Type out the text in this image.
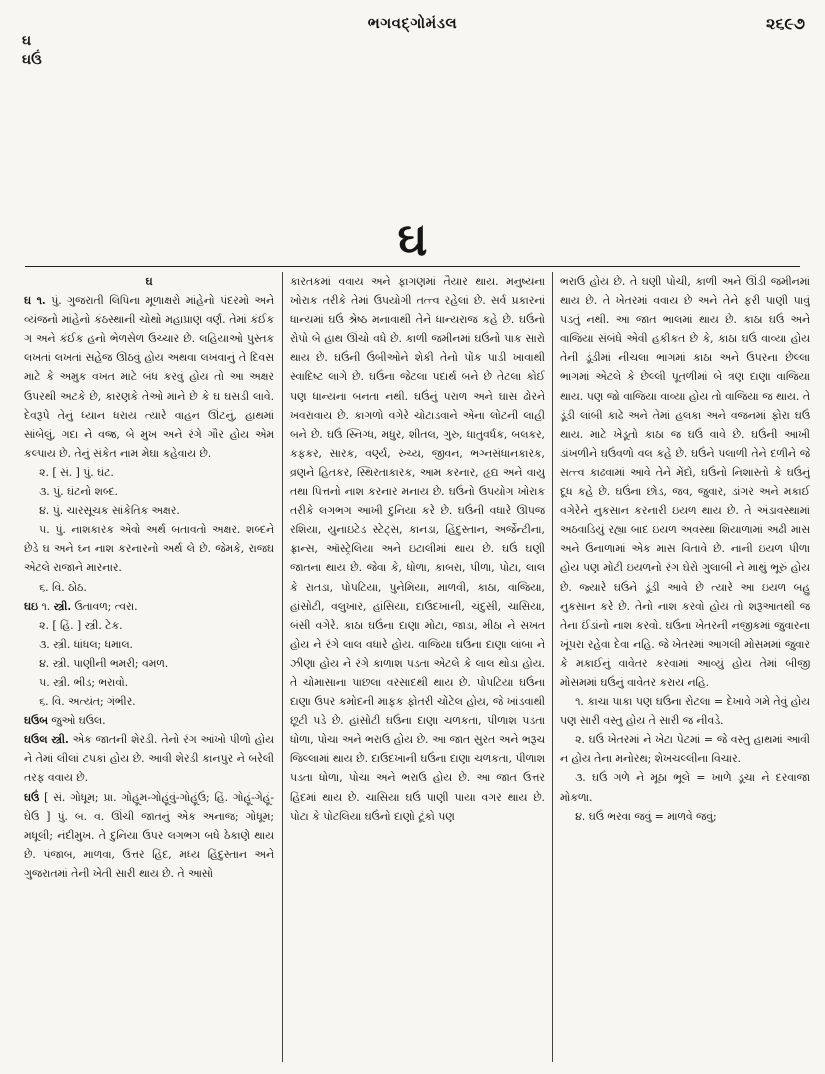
ઘ
ઘઉં
ભગવદ્ગોમંડલ	૨૬૯૭
ઘ

ઘ

ઘ ૧. પું. ગુજરાતી લિપિના મૂળાક્ષરો માંહેનો પંદરમો અને વ્યંજનો માંહેનો કંઠસ્થાની ચોથો મહાપ્રાણ વર્ણ. તેમાં કંઈક ગ અને કંઈક હનો ભેળસેળ ઉચ્ચાર છે. લહિયાઓ પુસ્તક લખતાં લખતાં સહેજ ઊઠવું હોય અથવા લખવાનું તે દિવસ માટે કે અમુક વખત માટે બંધ કરવું હોય તો આ અક્ષર ઉપરથી અટકે છે, કારણકે તેઓ માને છે કે ઘ ઘસડી લાવે. દેવરૂપે તેનું ધ્યાન ધરાય ત્યારે વાહન ઊંટનું, હાથમાં સાંબેલું, ગદા ને વજ્ર, બે મુખ અને રંગે ગૌર હોય એમ કલ્પાય છે. તેનું સંકેત નામ મેઘા કહેવાય છે.

૨. [ સં. ] પું. ઘંટ.

૩. પું. ઘંટનો શબ્દ.

૪. પું. ચારસૂચક સાંકેતિક અક્ષર.

૫. પું. નાશકારક એવો અર્થ બતાવતો અક્ષર. શબ્દને છેડે ઘ અને ઘ્ન નાશ કરનારનો અર્થ લે છે. જેમકે, રાજઘ એટલે રાજાને મારનાર.

૬. વિ. ઠોઠ.

ઘઇ ૧. સ્ત્રી. ઉતાવળ; ત્વરા.

૨. [ હિં. ] સ્ત્રી. ટેક.

૩. સ્ત્રી. ધાંધલ; ધમાલ.

૪. સ્ત્રી. પાણીની ભમરી; વમળ.

૫. સ્ત્રી. ભીડ; ભરાવો.

૬. વિ. અત્યંત; ગંભીર.

ઘઉબ જુઓ ઘઉલ.

ઘઉલ સ્ત્રી. એક જાતની શેરડી. તેનો રંગ આંખો પીળો હોય ને તેમાં લીલાં ટપકાં હોય છે. આવી શેરડી કાનપુર ને બરેલી તરફ વવાય છે.

ઘઉં [ સં. ગોધૂમ; પ્રા. ગોહૂમ-ગોહૂંવું-ગોહૂંઉં; હિં. ગોહૂં-ગેહૂં-ઘેઉ ] પું. બ. વ. ઊંચી જાતનું એક અનાજ; ગોધૂમ; મધૂલી; નંદીમુખ. તે દુનિયા ઉપર લગભગ બધે ઠેકાણે થાય છે. પંજાબ, માળવા, ઉત્તર હિંદ, મધ્ય હિંદુસ્તાન અને ગુજરાતમાં તેની ખેતી સારી થાય છે. તે આસો

કારતકમાં વવાય અને ફાગણમાં તૈયાર થાય. મનુષ્યના ખોરાક તરીકે તેમાં ઉપયોગી તત્ત્વ રહેલાં છે. સર્વ પ્રકારનાં ધાન્યમાં ઘઉં શ્રેષ્ઠ મનાવાથી તેને ધાન્યરાજ કહે છે. ઘઉંનો રોપો બે હાથ ઊંચો વધે છે. કાળી જમીનમાં ઘઉંનો પાક સારો થાય છે. ઘઉંની ઉંબીઓને શેકી તેનો પોંક પાડી ખાવાથી સ્વાદિષ્ટ લાગે છે. ઘઉંના જેટલા પદાર્થ બને છે તેટલા કોઈ પણ ધાન્યના બનતા નથી. ઘઉંનું પરાળ અને ઘાસ ઢોરને ખવરાવાય છે. કાગળો વગેરે ચોટાડવાને એના લોટની લાહી બને છે. ઘઉં સ્નિગ્ધ, મધુર, શીતલ, ગુરુ, ધાતુવર્ધક, બલકર, કફકર, સારક, વર્ણ્ય, રુચ્ય, જીવન, ભગ્નસંધાનકારક, વ્રણને હિતકર, સ્થિરતાકારક, આમ કરનાર, હૃદ્ય અને વાયુ તથા પિત્તનો નાશ કરનાર મનાય છે. ઘઉંનો ઉપયોગ ખોરાક તરીકે લગભગ આખી દુનિયા કરે છે. ઘઉંની વધારે ઊપજ રશિયા, યુનાઇટેડ સ્ટેટ્સ, કાનડા, હિંદુસ્તાન, અર્જેન્ટીના, ફ્રાન્સ, ઑસ્ટ્રેલિયા અને ઇટાલીમાં થાય છે. ઘઉં ઘણી જાતના થાય છે. જેવા કે, ધોળા, કાબરા, પીળા, પોટા, લાલ કે રાતડા, પોપટિયા, પુનેમિયા, માળવી, કાઠા, વાજિયા, હાંસોટી, વલુખાર, હાંસિયા, દાઉદખાની, ચંદુસી, ચાસિયા, બંસી વગેરે. કાઠા ઘઉંના દાણા મોટા, જાડા, મીઠા ને સખત હોય ને રંગે લાલ વધારે હોય. વાજિયા ઘઉંના દાણા લાંબા ને ઝીણા હોય ને રંગે કાળાશ પડતા એટલે કે લાલ થોડા હોય. તે ચોમાસાના પાછલા વરસાદથી થાય છે. પોપટિયા ઘઉંના દાણા ઉપર કમોદની માફક ફોતરી ચોંટેલ હોય, જે ખાંડવાથી છૂટી પડે છે. હાંસોટી ઘઉંના દાણા ચળકતા, પીળાશ પડતા ધોળા, પોચા અને ભરાઉ હોય છે. આ જાત સુરત અને ભરૂચ જિલ્લામાં થાય છે. દાઉદખાની ઘઉંના દાણા ચળકતા, પીળાશ પડતા ધોળા, પોચા અને ભરાઉ હોય છે. આ જાત ઉત્તર હિંદમાં થાય છે. ચાસિયા ઘઉં પાણી પાયા વગર થાય છે. પોટા કે પોટલિયા ઘઉંનો દાણો ટૂંકો પણ

ભરાઉ હોય છે. તે ઘણી પોચી, કાળી અને ઊંડી જમીનમાં થાય છે. તે ખેતરમાં વવાય છે અને તેને ફરી પાણી પાવું પડતું નથી. આ જાત ભાલમાં થાય છે. કાઠા ઘઉં અને વાજિયા સંબંધે એવી હકીકત છે કે, કાઠા ઘઉં વાવ્યા હોય તેની ડૂંડીમાં નીચલા ભાગમાં કાઠા અને ઉપરના છેલ્લા ભાગમાં એટલે કે છેલ્લી પૂતળીમાં બે ત્રણ દાણા વાજિયા થાય. પણ જો વાજિયા વાવ્યા હોય તો વાજિયા જ થાય. તે ડૂંડી લાંબી કાઢે અને તેમાં હલકા અને વજનમાં ફોરા ઘઉં થાય. માટે ખેડૂતો કાઠા જ ઘઉં વાવે છે. ઘઉંની આખી ડાંખળીને ઘઉંવળો વલ કહે છે. ઘઉંને પલાળી તેને દળીને જે સત્ત્વ કાઢવામાં આવે તેને મેંદો, ઘઉંનો નિશાસ્તો કે ઘઉંનું દૂધ કહે છે. ઘઉંના છોડ, જવ, જુવાર, ડાંગર અને મકાઈ વગેરેને નુકસાન કરનારી ઇયળ થાય છે. તે અંડાવસ્થામાં અઠવાડિયું રહ્યા બાદ ઇયળ અવસ્થા શિયાળામાં અઢી માસ અને ઉનાળામાં એક માસ વિતાવે છે. નાની ઇયળ પીળા હોય પણ મોટી ઇયળનો રંગ ઘેરો ગુલાબી ને માથું ભૂરું હોય છે. જ્યારે ઘઉંને ડૂંડી આવે છે ત્યારે આ ઇયળ બહુ નુકસાન કરે છે. તેનો નાશ કરવો હોય તો શરૂઆતથી જ તેના ઈંડાંનો નાશ કરવો. ઘઉંના ખેતરની નજીકમાં જુવારના ખૂંપરા રહેવા દેવા નહિ. જે ખેતરમાં આગલી મોસમમાં જુવાર કે મકાઈનું વાવેતર કરવામાં આવ્યું હોય તેમાં બીજી મોસમમાં ઘઉંનું વાવેતર કરાય નહિ.

૧. કાચા પાકા પણ ઘઉંના રોટલા = દેખાવે ગમે તેવું હોય પણ સારી વસ્તુ હોય તે સારી જ નીવડે.

૨. ઘઉં ખેતરમાં ને ખેટા પેટમાં = જે વસ્તુ હાથમાં આવી ન હોય તેના મનોરથ; શેખચલ્લીના વિચાર.

૩. ઘઉં ગળે ને મૂઠા ભૂલે = ખાળે ડૂચા ને દરવાજા મોકળા.

૪. ઘઉં ભરવા જવું = માળવે જવું;
